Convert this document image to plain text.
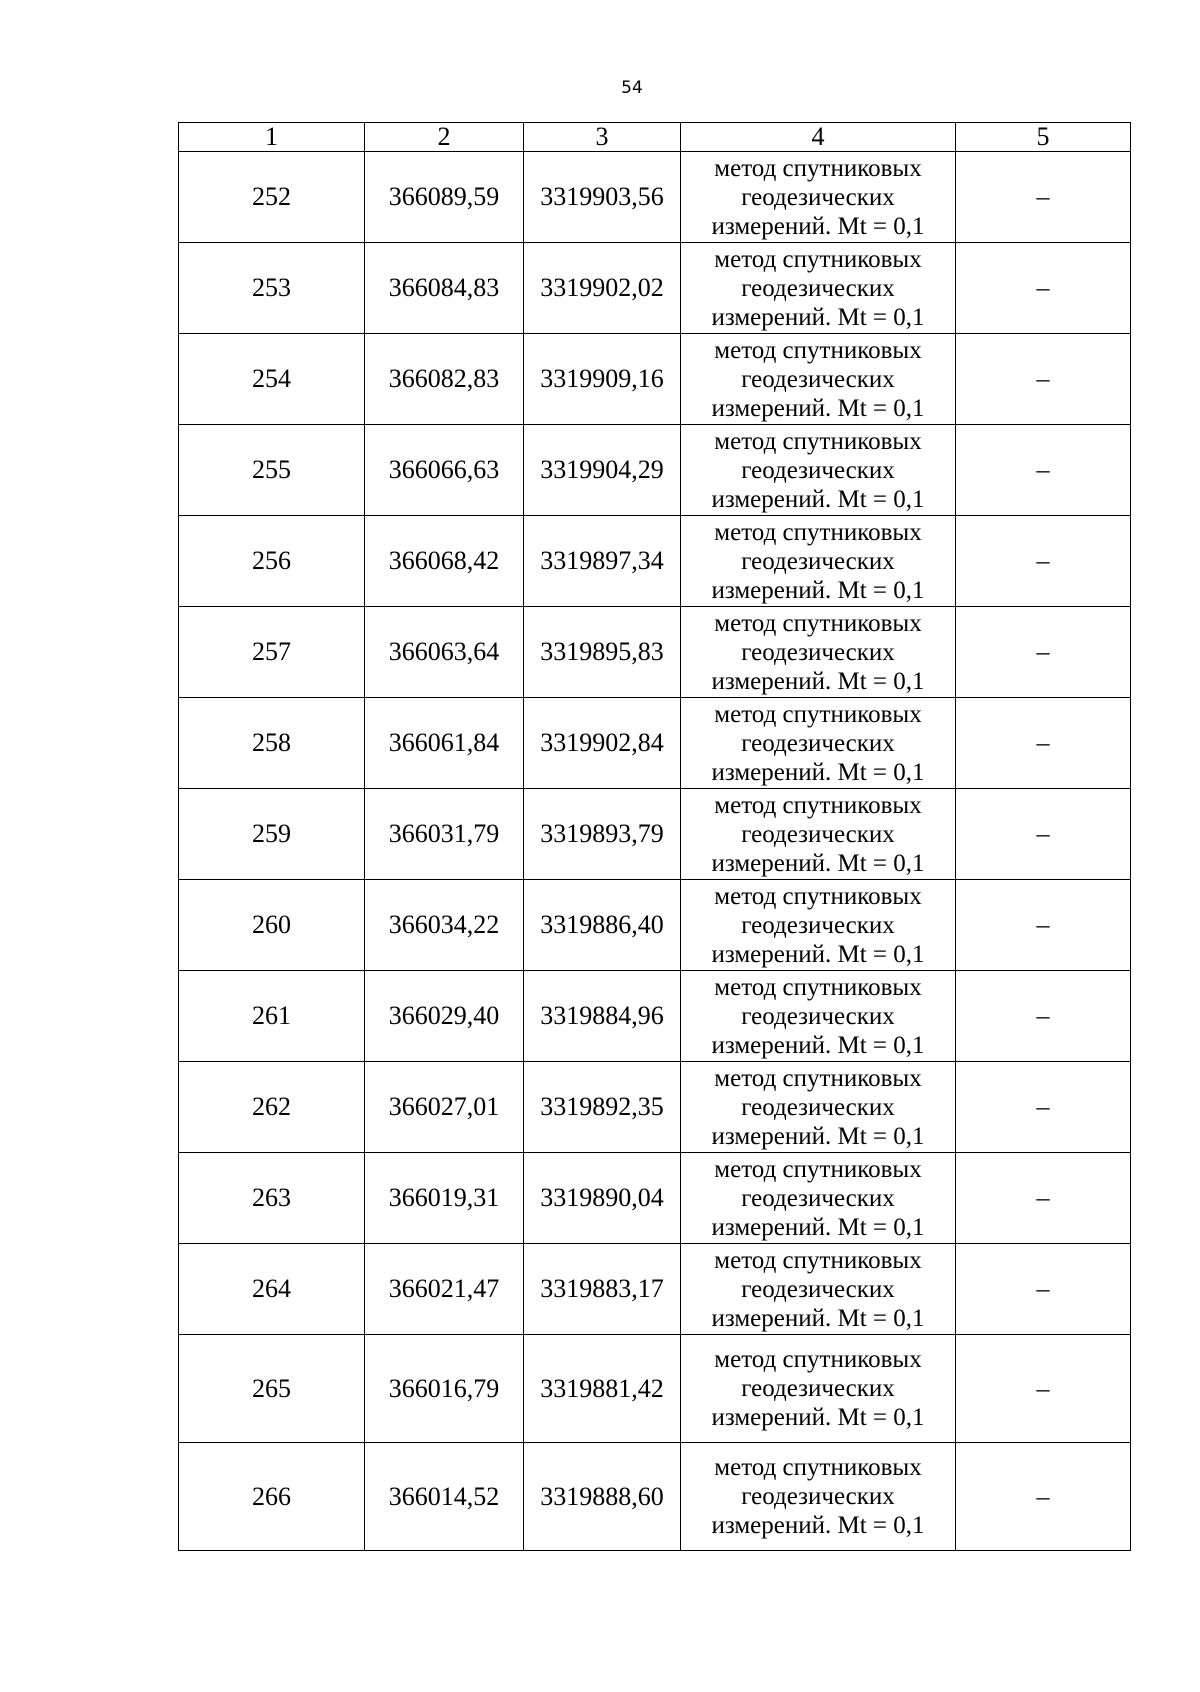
54
1	2	3	4	5
252	366089,59	3319903,56	метод спутниковых
геодезических
измерений. Mt = 0,1	–
253	366084,83	3319902,02	метод спутниковых
геодезических
измерений. Mt = 0,1	–
254	366082,83	3319909,16	метод спутниковых
геодезических
измерений. Mt = 0,1	–
255	366066,63	3319904,29	метод спутниковых
геодезических
измерений. Mt = 0,1	–
256	366068,42	3319897,34	метод спутниковых
геодезических
измерений. Mt = 0,1	–
257	366063,64	3319895,83	метод спутниковых
геодезических
измерений. Mt = 0,1	–
258	366061,84	3319902,84	метод спутниковых
геодезических
измерений. Mt = 0,1	–
259	366031,79	3319893,79	метод спутниковых
геодезических
измерений. Mt = 0,1	–
260	366034,22	3319886,40	метод спутниковых
геодезических
измерений. Mt = 0,1	–
261	366029,40	3319884,96	метод спутниковых
геодезических
измерений. Mt = 0,1	–
262	366027,01	3319892,35	метод спутниковых
геодезических
измерений. Mt = 0,1	–
263	366019,31	3319890,04	метод спутниковых
геодезических
измерений. Mt = 0,1	–
264	366021,47	3319883,17	метод спутниковых
геодезических
измерений. Mt = 0,1	–
265	366016,79	3319881,42	метод спутниковых
геодезических
измерений. Mt = 0,1	–
266	366014,52	3319888,60	метод спутниковых
геодезических
измерений. Mt = 0,1	–
